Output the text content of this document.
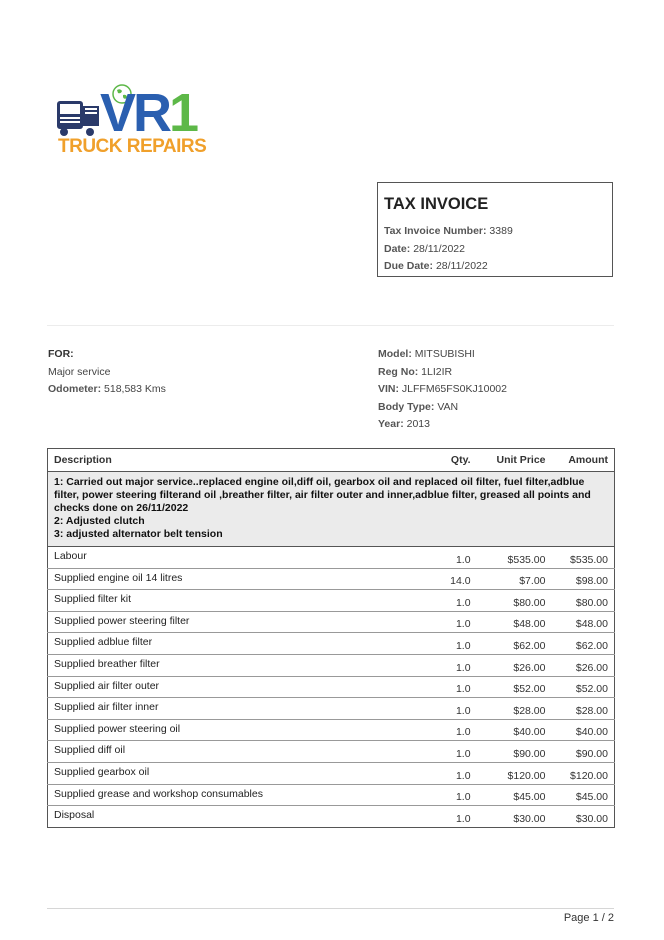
VR1
TRUCK REPAIRS
TAX INVOICE
Tax Invoice Number: 3389
Date: 28/11/2022
Due Date: 28/11/2022
FOR:
Major service
Odometer: 518,583 Kms
Model: MITSUBISHI
Reg No: 1LI2IR
VIN: JLFFM65FS0KJ10002
Body Type: VAN
Year: 2013
Description	Qty.	Unit Price	Amount

1: Carried out major service..replaced engine oil,diff oil, gearbox oil and replaced oil filter, fuel filter,adblue filter, power steering filterand oil ,breather filter, air filter outer and inner,adblue filter, greased all points and checks done on 26/11/2022
2: Adjusted clutch
3: adjusted alternator belt tension			

Labour	1.0	$535.00	$535.00
Supplied engine oil 14 litres	14.0	$7.00	$98.00
Supplied filter kit	1.0	$80.00	$80.00
Supplied power steering filter	1.0	$48.00	$48.00
Supplied adblue filter	1.0	$62.00	$62.00
Supplied breather filter	1.0	$26.00	$26.00
Supplied air filter outer	1.0	$52.00	$52.00
Supplied air filter inner	1.0	$28.00	$28.00
Supplied power steering oil	1.0	$40.00	$40.00
Supplied diff oil	1.0	$90.00	$90.00
Supplied gearbox oil	1.0	$120.00	$120.00
Supplied grease and workshop consumables	1.0	$45.00	$45.00
Disposal	1.0	$30.00	$30.00
Page 1 / 2
